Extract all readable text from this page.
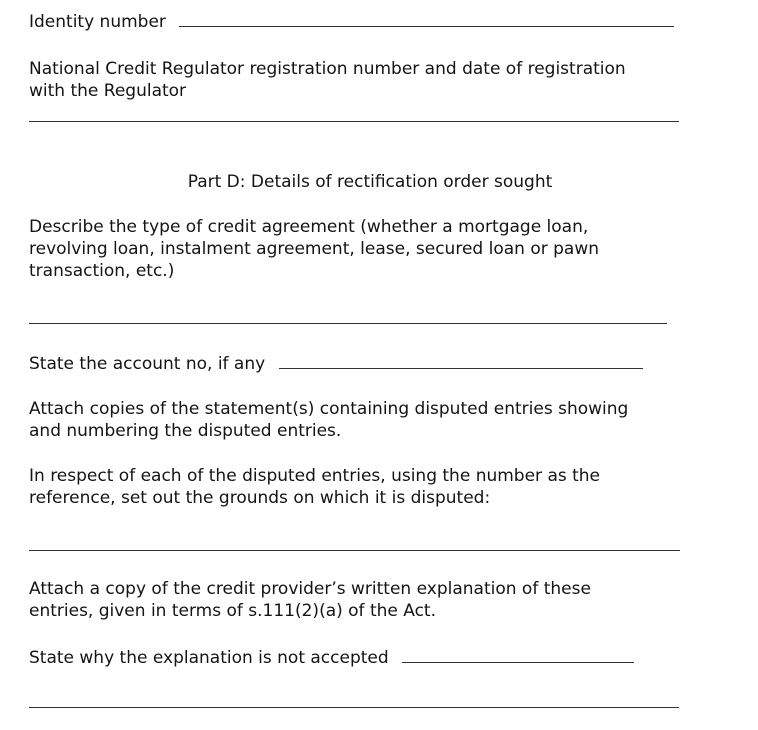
Identity number
National Credit Regulator registration number and date of registration
with the Regulator
Part D: Details of rectification order sought
Describe the type of credit agreement (whether a mortgage loan,
revolving loan, instalment agreement, lease, secured loan or pawn
transaction, etc.)
State the account no, if any
Attach copies of the statement(s) containing disputed entries showing
and numbering the disputed entries.
In respect of each of the disputed entries, using the number as the
reference, set out the grounds on which it is disputed:
Attach a copy of the credit provider’s written explanation of these
entries, given in terms of s.111(2)(a) of the Act.
State why the explanation is not accepted
